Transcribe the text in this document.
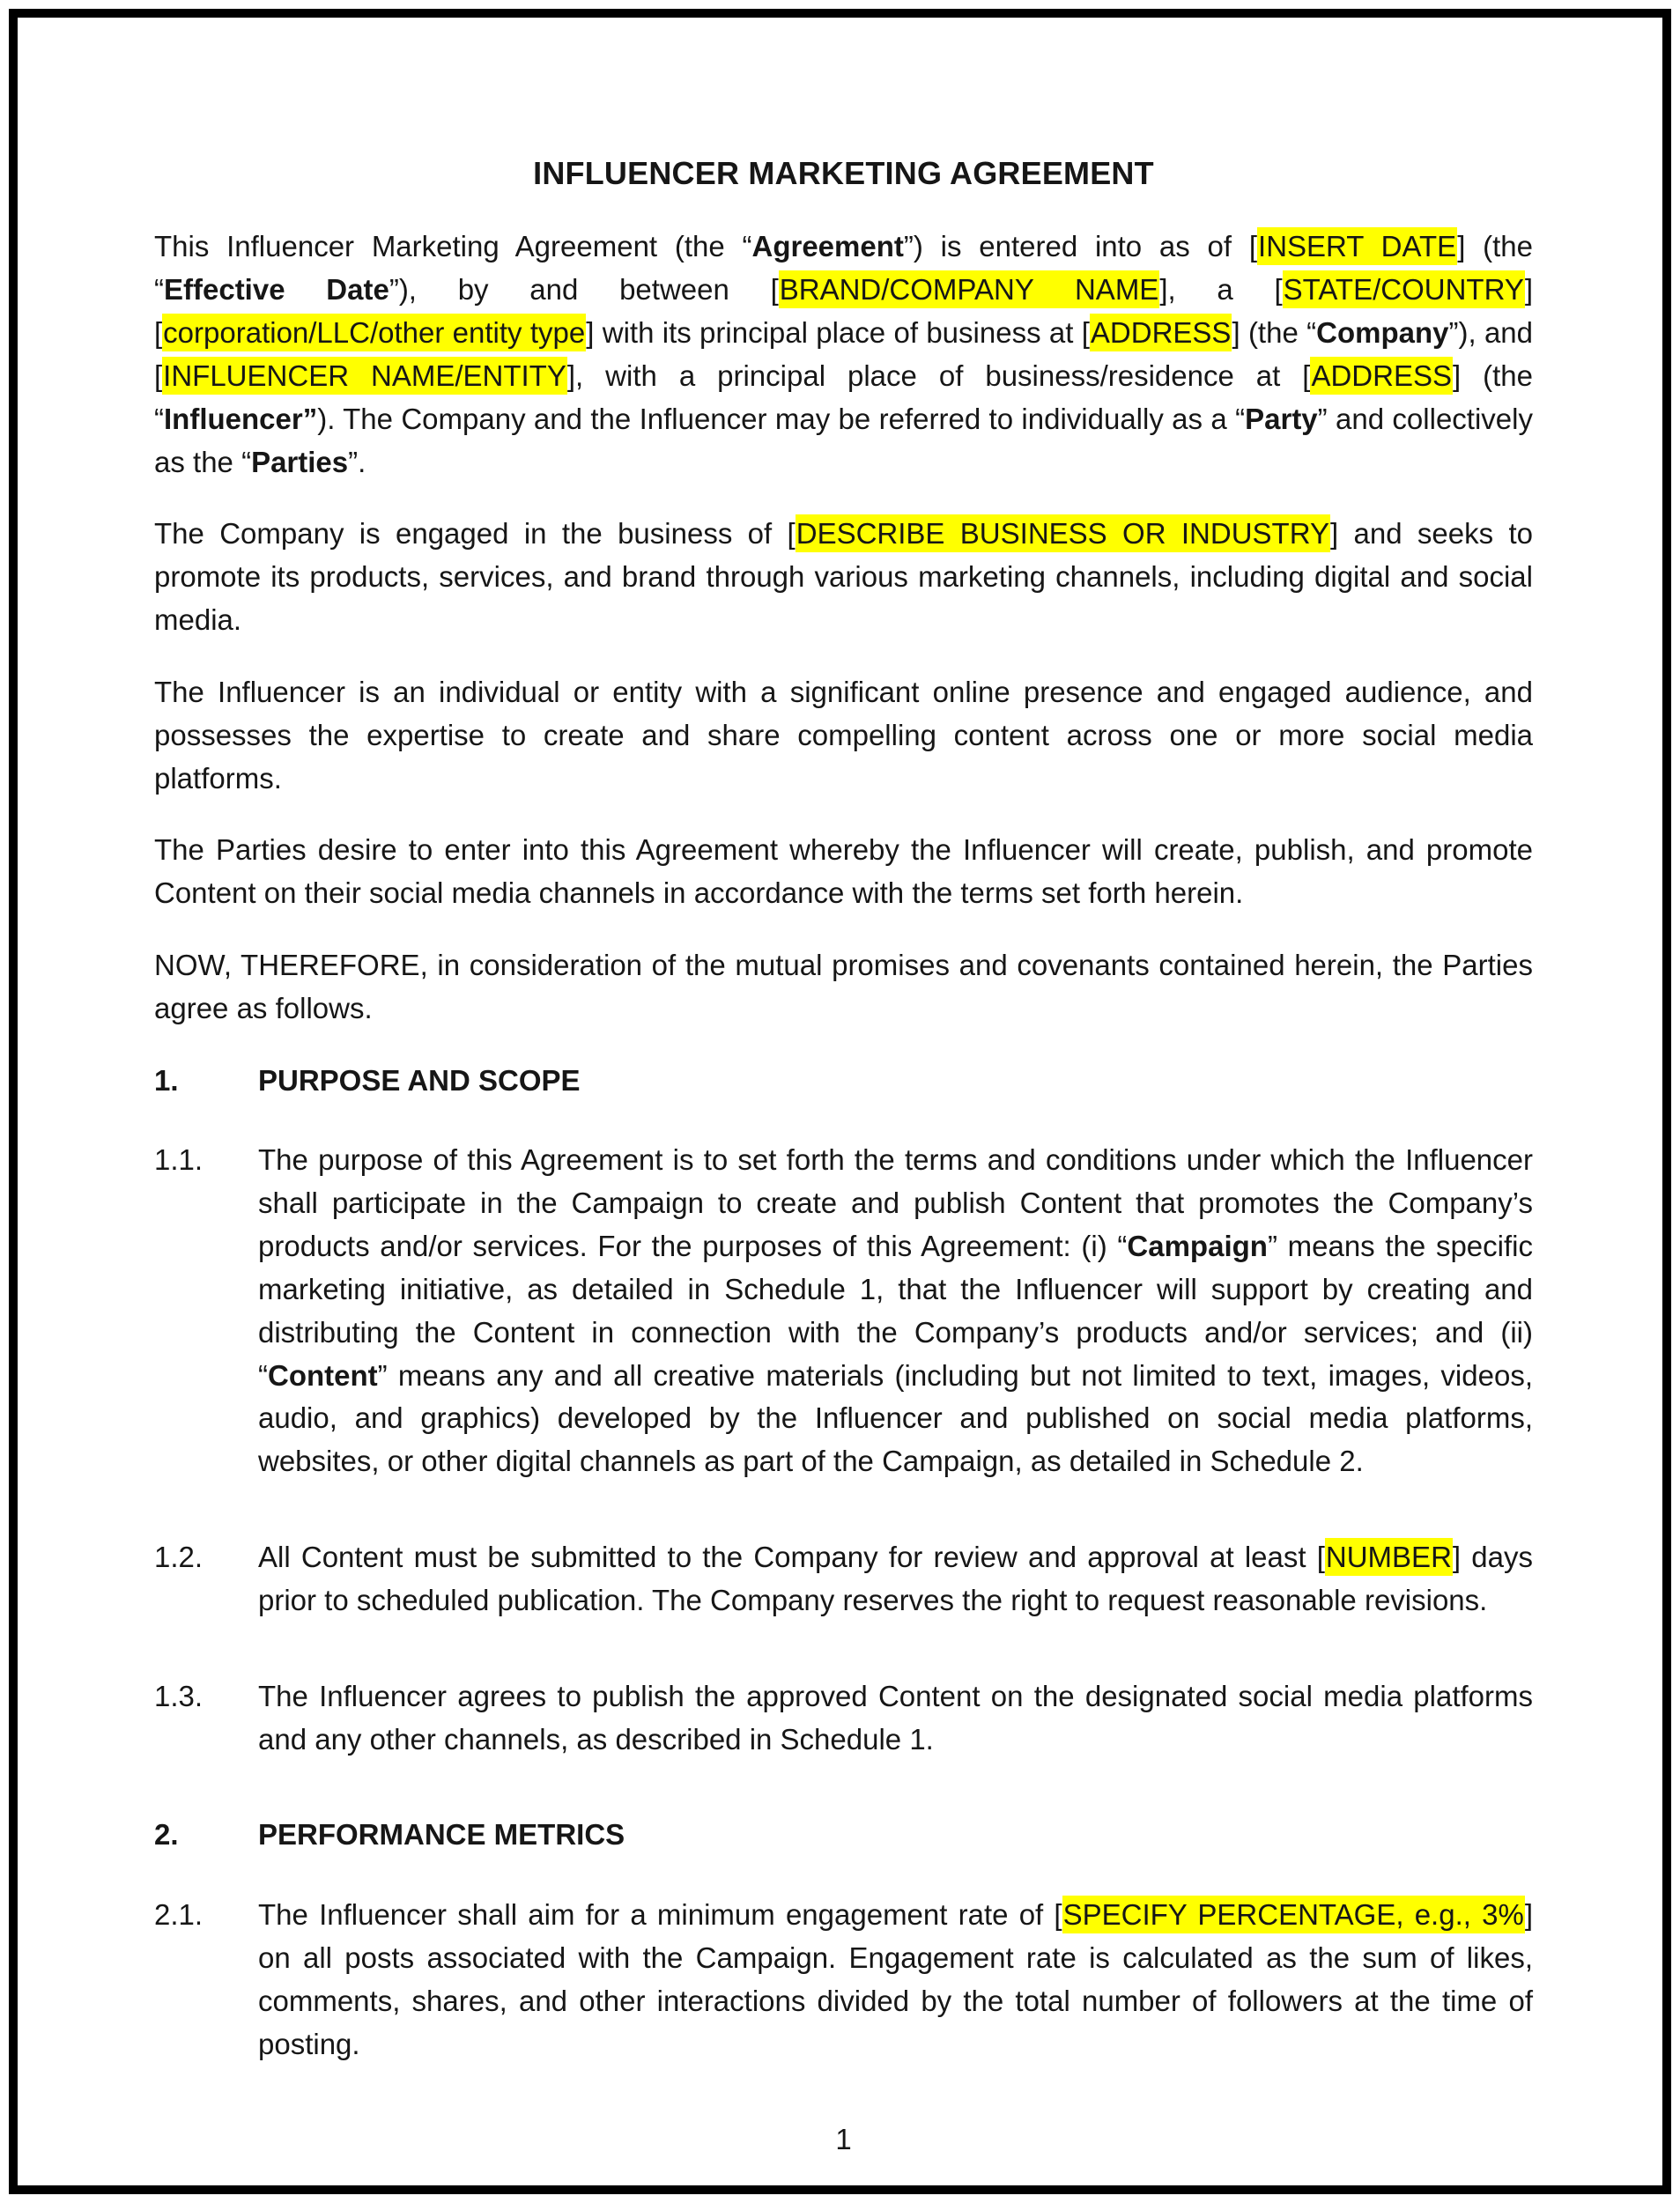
INFLUENCER MARKETING AGREEMENT

This Influencer Marketing Agreement (the “Agreement”) is entered into as of [INSERT DATE] (the “Effective Date”), by and between [BRAND/COMPANY NAME], a [STATE/COUNTRY] [corporation/LLC/other entity type] with its principal place of business at [ADDRESS] (the “Company”), and [INFLUENCER NAME/ENTITY], with a principal place of business/residence at [ADDRESS] (the “Influencer”). The Company and the Influencer may be referred to individually as a “Party” and collectively as the “Parties”.

The Company is engaged in the business of [DESCRIBE BUSINESS OR INDUSTRY] and seeks to promote its products, services, and brand through various marketing channels, including digital and social media.

The Influencer is an individual or entity with a significant online presence and engaged audience, and possesses the expertise to create and share compelling content across one or more social media platforms.

The Parties desire to enter into this Agreement whereby the Influencer will create, publish, and promote Content on their social media channels in accordance with the terms set forth herein.

NOW, THEREFORE, in consideration of the mutual promises and covenants contained herein, the Parties agree as follows.

1.	PURPOSE AND SCOPE
1.1.	The purpose of this Agreement is to set forth the terms and conditions under which the Influencer shall participate in the Campaign to create and publish Content that promotes the Company’s products and/or services. For the purposes of this Agreement: (i) “Campaign” means the specific marketing initiative, as detailed in Schedule 1, that the Influencer will support by creating and distributing the Content in connection with the Company’s products and/or services; and (ii) “Content” means any and all creative materials (including but not limited to text, images, videos, audio, and graphics) developed by the Influencer and published on social media platforms, websites, or other digital channels as part of the Campaign, as detailed in Schedule 2.
1.2.	All Content must be submitted to the Company for review and approval at least [NUMBER] days prior to scheduled publication. The Company reserves the right to request reasonable revisions.
1.3.	The Influencer agrees to publish the approved Content on the designated social media platforms and any other channels, as described in Schedule 1.
2.	PERFORMANCE METRICS
2.1.	The Influencer shall aim for a minimum engagement rate of [SPECIFY PERCENTAGE, e.g., 3%] on all posts associated with the Campaign. Engagement rate is calculated as the sum of likes, comments, shares, and other interactions divided by the total number of followers at the time of posting.
1
